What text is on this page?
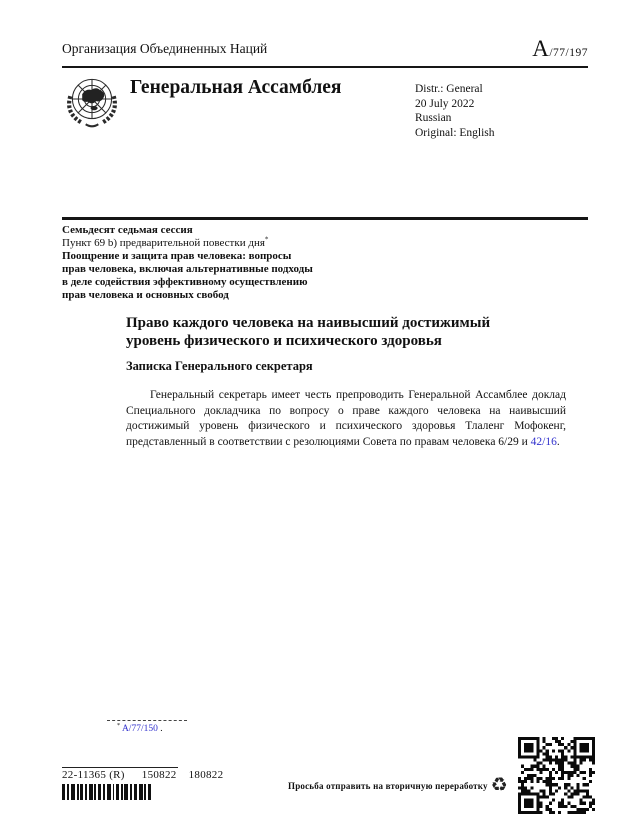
Организация Объединенных Наций	A /77/197
Генеральная Ассамблея	Distr.: General
20 July 2022
Russian
Original: English
Семьдесят седьмая сессия
Пункт 69 b) предварительной повестки дня*
Поощрение и защита прав человека: вопросы
прав человека, включая альтернативные подходы
в деле содействия эффективному осуществлению
прав человека и основных свобод
Право каждого человека на наивысший достижимый уровень физического и психического здоровья
Записка Генерального секретаря

Генеральный секретарь имеет честь препроводить Генеральной Ассамблее доклад Специального докладчика по вопросу о праве каждого человека на наивысший достижимый уровень физического и психического здоровья Тлаленг Мофокенг, представленный в соответствии с резолюциями Совета по правам человека 6/29 и 42/16.

* A/77/150 .
22-11365 (R) 150822 180822
Просьба отправить на вторичную переработку ♻
